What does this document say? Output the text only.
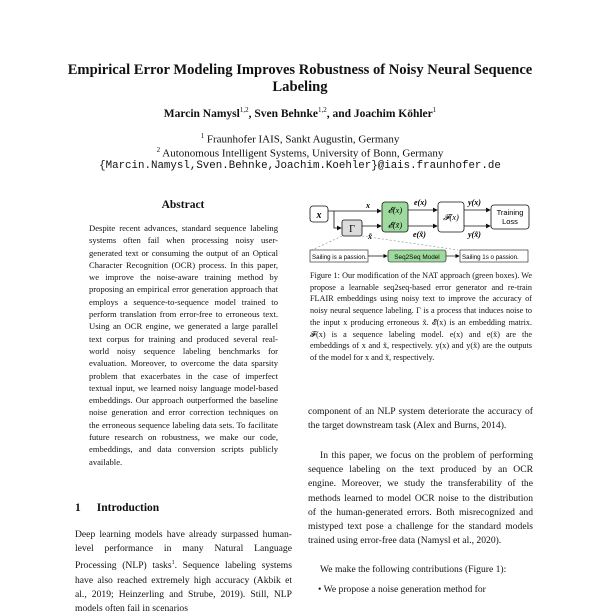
Empirical Error Modeling Improves Robustness of Noisy Neural Sequence Labeling
Marcin Namysl$^{1,2}$, Sven Behnke$^{1,2}$, and Joachim Köhler$^1$
$^1$ Fraunhofer IAIS, Sankt Augustin, Germany
$^2$ Autonomous Intelligent Systems, University of Bonn, Germany
{Marcin.Namysl,Sven.Behnke,Joachim.Koehler}@iais.fraunhofer.de
Abstract
Despite recent advances, standard sequence labeling systems often fail when processing noisy user-generated text or consuming the output of an Optical Character Recognition (OCR) process. In this paper, we improve the noise-aware training method by proposing an empirical error generation approach that employs a sequence-to-sequence model trained to perform translation from error-free to erroneous text. Using an OCR engine, we generated a large parallel text corpus for training and produced several real-world noisy sequence labeling benchmarks for evaluation. Moreover, to overcome the data sparsity problem that exacerbates in the case of imperfect textual input, we learned noisy language model-based embeddings. Our approach outperformed the baseline noise generation and error correction techniques on the erroneous sequence labeling data sets. To facilitate future research on robustness, we make our code, embeddings, and data conversion scripts publicly available.
1 Introduction
Deep learning models have already surpassed human-level performance in many Natural Language Processing (NLP) tasks$^1$. Sequence labeling systems have also reached extremely high accuracy (Akbik et al., 2019; Heinzerling and Strube, 2019). Still, NLP models often fail in scenarios
x
Γ
𝓔(x)
𝓔(x̃)
𝓕(x)	Training
Loss
x
x̃
e(x)
e(x̃)
y(x)
y(x̃)
Sailing is a passion.	Seq2Seq Model	Sailing 1s o passion.
Figure 1: Our modification of the NAT approach (green boxes). We propose a learnable seq2seq-based error generator and re-train FLAIR embeddings using noisy text to improve the accuracy of noisy neural sequence labeling. Γ is a process that induces noise to the input x producing erroneous x̃. 𝓔(x) is an embedding matrix. 𝓕(x) is a sequence labeling model. e(x) and e(x̃) are the embeddings of x and x̃, respectively. y(x) and y(x̃) are the outputs of the model for x and x̃, respectively.
component of an NLP system deteriorate the accuracy of the target downstream task (Alex and Burns, 2014).
In this paper, we focus on the problem of performing sequence labeling on the text produced by an OCR engine. Moreover, we study the transferability of the methods learned to model OCR noise to the distribution of the human-generated errors. Both misrecognized and mistyped text pose a challenge for the standard models trained using error-free data (Namysl et al., 2020).
We make the following contributions (Figure 1):
• We propose a noise generation method for
